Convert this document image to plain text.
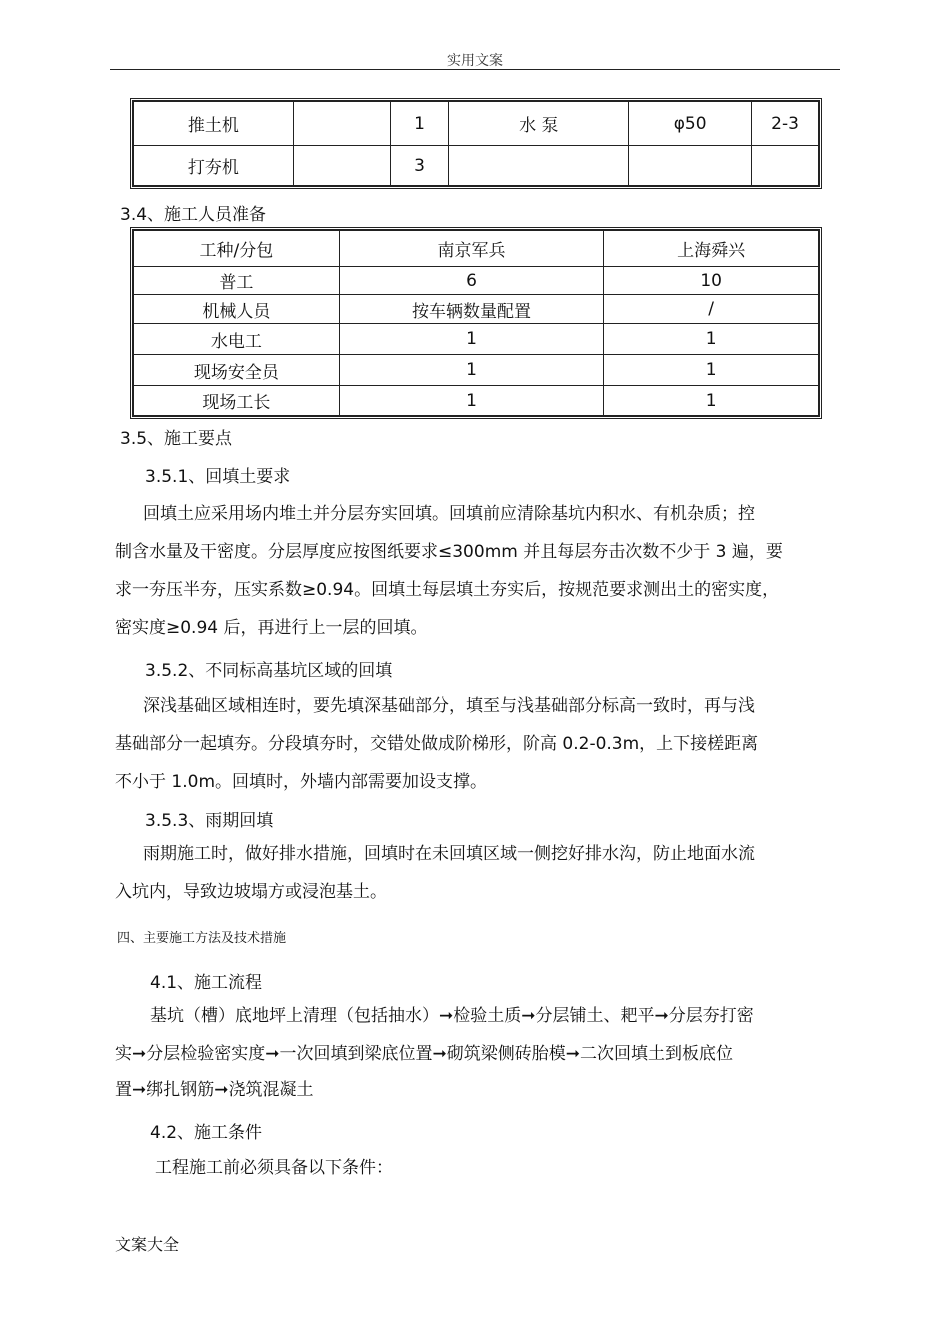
实用文案
推土机		1	水 泵	φ50	2-3
打夯机		3			
3.4、施工人员准备
工种/分包	南京军兵	上海舜兴
普工	6	10
机械人员	按车辆数量配置	/
水电工	1	1
现场安全员	1	1
现场工长	1	1
3.5、施工要点
3.5.1、回填土要求
回填土应采用场内堆土并分层夯实回填。回填前应清除基坑内积水、有机杂质；控
制含水量及干密度。分层厚度应按图纸要求≤300mm 并且每层夯击次数不少于 3 遍，要
求一夯压半夯，压实系数≥0.94。回填土每层填土夯实后，按规范要求测出土的密实度，
密实度≥0.94 后，再进行上一层的回填。
3.5.2、不同标高基坑区域的回填
深浅基础区域相连时，要先填深基础部分，填至与浅基础部分标高一致时，再与浅
基础部分一起填夯。分段填夯时，交错处做成阶梯形，阶高 0.2-0.3m，上下接槎距离
不小于 1.0m。回填时，外墙内部需要加设支撑。
3.5.3、雨期回填
雨期施工时，做好排水措施，回填时在未回填区域一侧挖好排水沟，防止地面水流
入坑内，导致边坡塌方或浸泡基土。
四、主要施工方法及技术措施
4.1、施工流程
基坑（槽）底地坪上清理（包括抽水）➞检验土质➞分层铺土、耙平➞分层夯打密
实➞分层检验密实度➞一次回填到梁底位置➞砌筑梁侧砖胎模➞二次回填土到板底位
置➞绑扎钢筋➞浇筑混凝土
4.2、施工条件
工程施工前必须具备以下条件：
文案大全
